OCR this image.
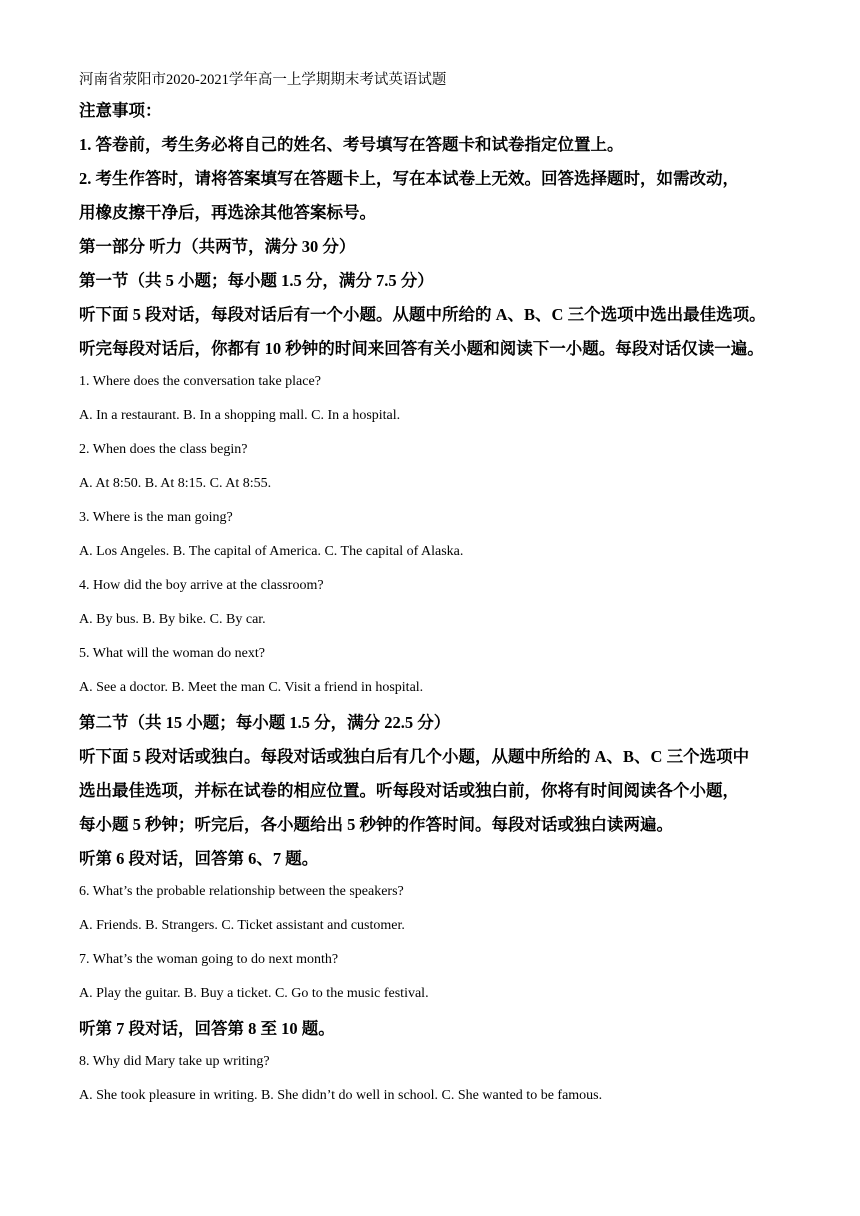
河南省荥阳市2020-2021学年高一上学期期末考试英语试题

注意事项：

1. 答卷前，考生务必将自己的姓名、考号填写在答题卡和试卷指定位置上。

2. 考生作答时，请将答案填写在答题卡上，写在本试卷上无效。回答选择题时，如需改动，

用橡皮擦干净后，再选涂其他答案标号。

第一部分 听力（共两节，满分 30 分）

第一节（共 5 小题；每小题 1.5 分，满分 7.5 分）

听下面 5 段对话，每段对话后有一个小题。从题中所给的 A、B、C 三个选项中选出最佳选项。

听完每段对话后，你都有 10 秒钟的时间来回答有关小题和阅读下一小题。每段对话仅读一遍。

1. Where does the conversation take place?

A. In a restaurant. B. In a shopping mall. C. In a hospital.

2. When does the class begin?

A. At 8:50. B. At 8:15. C. At 8:55.

3. Where is the man going?

A. Los Angeles. B. The capital of America. C. The capital of Alaska.

4. How did the boy arrive at the classroom?

A. By bus. B. By bike. C. By car.

5. What will the woman do next?

A. See a doctor. B. Meet the man C. Visit a friend in hospital.

第二节（共 15 小题；每小题 1.5 分，满分 22.5 分）

听下面 5 段对话或独白。每段对话或独白后有几个小题，从题中所给的 A、B、C 三个选项中

选出最佳选项，并标在试卷的相应位置。听每段对话或独白前，你将有时间阅读各个小题，

每小题 5 秒钟；听完后，各小题给出 5 秒钟的作答时间。每段对话或独白读两遍。

听第 6 段对话，回答第 6、7 题。

6. What’s the probable relationship between the speakers?

A. Friends. B. Strangers. C. Ticket assistant and customer.

7. What’s the woman going to do next month?

A. Play the guitar. B. Buy a ticket. C. Go to the music festival.

听第 7 段对话，回答第 8 至 10 题。

8. Why did Mary take up writing?

A. She took pleasure in writing. B. She didn’t do well in school. C. She wanted to be famous.
